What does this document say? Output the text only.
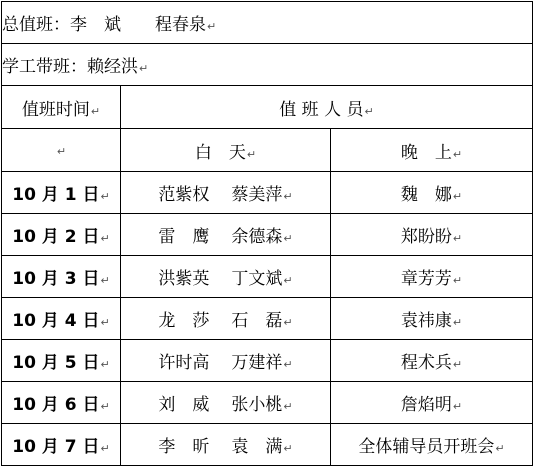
总值班：李　斌　　程春泉↵		
学工带班：赖经洪↵		
值班时间↵	值 班 人 员↵	
↵	白　天↵	晚　上↵
10 月 1 日↵	范紫权 蔡美萍↵	魏　娜↵
10 月 2 日↵	雷　鹰 余德森↵	郑盼盼↵
10 月 3 日↵	洪紫英 丁文斌↵	章芳芳↵
10 月 4 日↵	龙　莎 石　磊↵	袁祎康↵
10 月 5 日↵	许时高 万建祥↵	程术兵↵
10 月 6 日↵	刘　威 张小桃↵	詹焰明↵
10 月 7 日↵	李　昕 袁　满↵	全体辅导员开班会↵
